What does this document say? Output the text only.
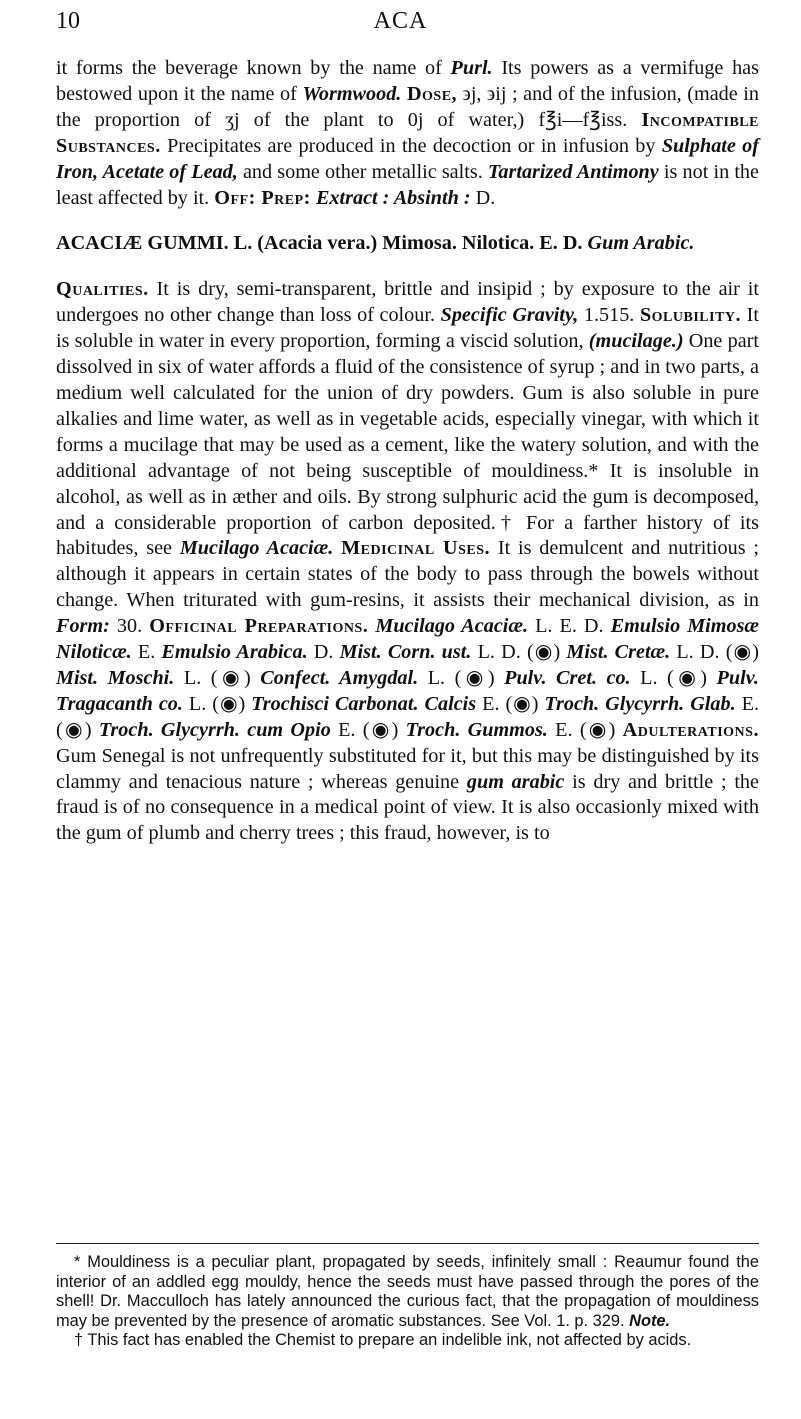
10	ACA

it forms the beverage known by the name of Purl. Its powers as a vermifuge has bestowed upon it the name of Wormwood. Dose, ϶j, ϶ij ; and of the infusion, (made in the proportion of ʒj of the plant to 0j of water,) f℥i—f℥iss. Incompatible Substances. Precipitates are produced in the decoction or in infusion by Sulphate of Iron, Acetate of Lead, and some other metallic salts. Tartarized Antimony is not in the least affected by it. Off: Prep: Extract : Absinth : D.

ACACIÆ GUMMI. L. (Acacia vera.) Mimosa. Nilotica. E. D. Gum Arabic.

Qualities. It is dry, semi-transparent, brittle and insipid ; by exposure to the air it undergoes no other change than loss of colour. Specific Gravity, 1.515. Solubility. It is soluble in water in every proportion, forming a viscid solution, (mucilage.) One part dissolved in six of water affords a fluid of the consistence of syrup ; and in two parts, a medium well calculated for the union of dry powders. Gum is also soluble in pure alkalies and lime water, as well as in vegetable acids, especially vinegar, with which it forms a mucilage that may be used as a cement, like the watery solution, and with the additional advantage of not being susceptible of mouldiness.* It is insoluble in alcohol, as well as in æther and oils. By strong sulphuric acid the gum is decomposed, and a considerable proportion of carbon deposited.† For a farther history of its habitudes, see Mucilago Acaciæ. Medicinal Uses. It is demulcent and nutritious ; although it appears in certain states of the body to pass through the bowels without change. When triturated with gum-resins, it assists their mechanical division, as in Form: 30. Officinal Preparations. Mucilago Acaciæ. L. E. D. Emulsio Mimosæ Niloticæ. E. Emulsio Arabica. D. Mist. Corn. ust. L. D. (◉) Mist. Cretæ. L. D. (◉) Mist. Moschi. L. (◉) Confect. Amygdal. L. (◉) Pulv. Cret. co. L. (◉) Pulv. Tragacanth co. L. (◉) Trochisci Carbonat. Calcis E. (◉) Troch. Glycyrrh. Glab. E. (◉) Troch. Glycyrrh. cum Opio E. (◉) Troch. Gummos. E. (◉) Adulterations. Gum Senegal is not unfrequently substituted for it, but this may be distinguished by its clammy and tenacious nature ; whereas genuine gum arabic is dry and brittle ; the fraud is of no consequence in a medical point of view. It is also occasionly mixed with the gum of plumb and cherry trees ; this fraud, however, is to

* Mouldiness is a peculiar plant, propagated by seeds, infinitely small : Reaumur found the interior of an addled egg mouldy, hence the seeds must have passed through the pores of the shell! Dr. Macculloch has lately announced the curious fact, that the propagation of mouldiness may be prevented by the presence of aromatic substances. See Vol. 1. p. 329. Note.

† This fact has enabled the Chemist to prepare an indelible ink, not affected by acids.
